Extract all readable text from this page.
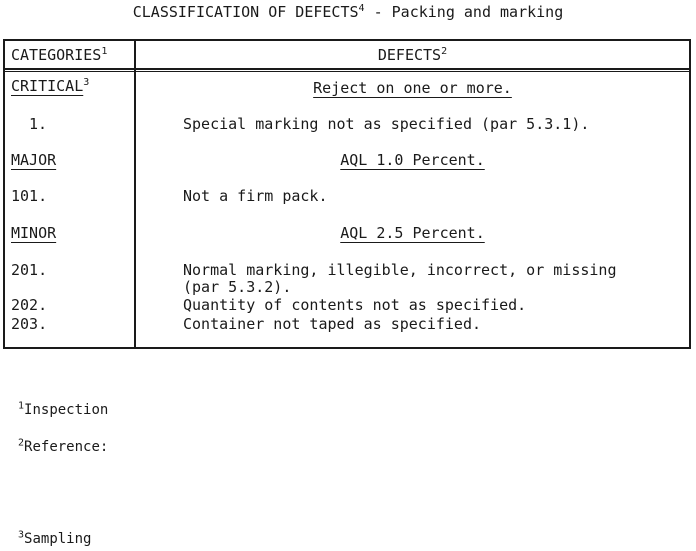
CLASSIFICATION OF DEFECTS$^4$ - Packing and marking
CATEGORIES$^1$	DEFECTS$^2$
CRITICAL$^3$	Reject on one or more.
1.	Special marking not as specified (par 5.3.1).
MAJOR	AQL 1.0 Percent.
101.	Not a firm pack.
MINOR	AQL 2.5 Percent.
201.	Normal marking, illegible, incorrect, or missing
(par 5.3.2).
202.	Quantity of contents not as specified.
203.	Container not taped as specified.
$^1$Inspection
$^2$Reference:
$^3$Sampling
